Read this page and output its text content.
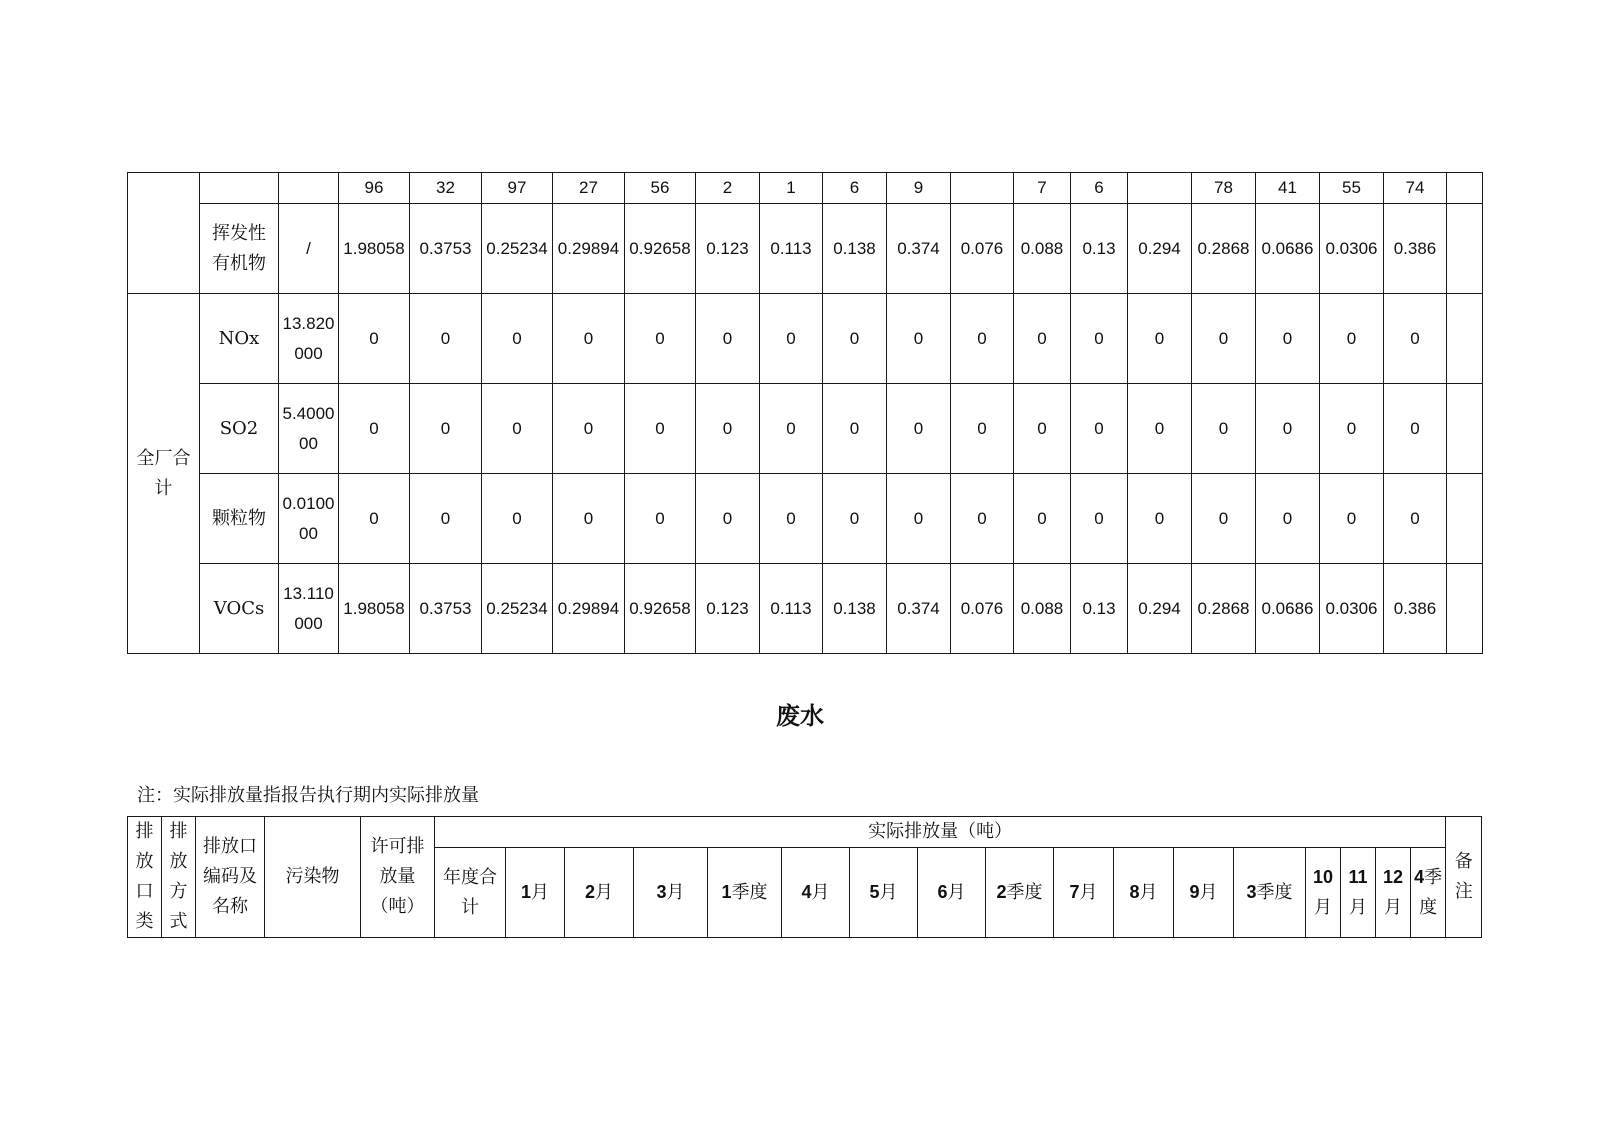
			96	32	97	27	56	2	1	6	9		7	6		78	41	55	74	
	挥发性有机物	/	1.98058	0.3753	0.25234	0.29894	0.92658	0.123	0.113	0.138	0.374	0.076	0.088	0.13	0.294	0.2868	0.0686	0.0306	0.386	
全厂合计	NOx	13.820000	0	0	0	0	0	0	0	0	0	0	0	0	0	0	0	0	0	
	SO2	5.400000	0	0	0	0	0	0	0	0	0	0	0	0	0	0	0	0	0	
	颗粒物	0.010000	0	0	0	0	0	0	0	0	0	0	0	0	0	0	0	0	0	
	VOCs	13.110000	1.98058	0.3753	0.25234	0.29894	0.92658	0.123	0.113	0.138	0.374	0.076	0.088	0.13	0.294	0.2868	0.0686	0.0306	0.386	
废水
注：实际排放量指报告执行期内实际排放量
排放口类	排放方式	排放口编码及名称	污染物	许可排放量（吨）	实际排放量（吨）																	备注
					年度合计	1月	2月	3月	1季度	4月	5月	6月	2季度	7月	8月	9月	3季度	10月	11月	12月	4季度	
